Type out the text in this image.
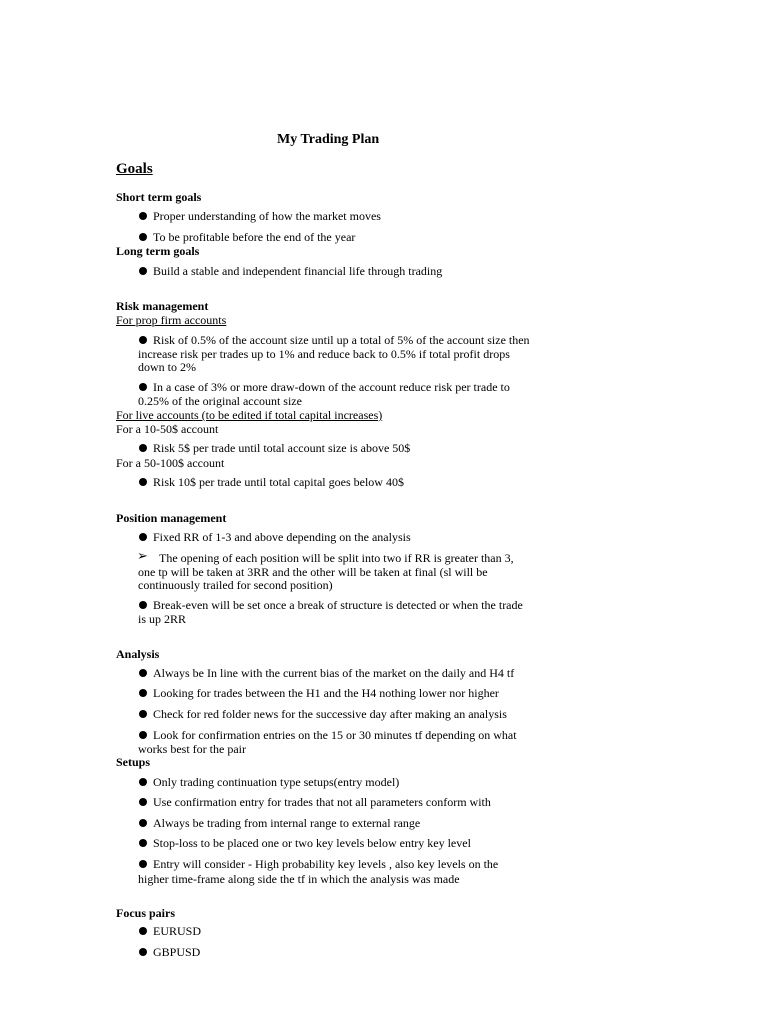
My Trading Plan
Goals
Short term goals
Proper understanding of how the market moves
To be profitable before the end of the year
Long term goals
Build a stable and independent financial life through trading
Risk management
For prop firm accounts
Risk of 0.5% of the account size until up a total of 5% of the account size then
increase risk per trades up to 1% and reduce back to 0.5% if total profit drops
down to 2%
In a case of 3% or more draw-down of the account reduce risk per trade to
0.25% of the original account size
For live accounts (to be edited if total capital increases)
For a 10-50$ account
Risk 5$ per trade until total account size is above 50$
For a 50-100$ account
Risk 10$ per trade until total capital goes below 40$
Position management
Fixed RR of 1-3 and above depending on the analysis
➢ The opening of each position will be split into two if RR is greater than 3,
one tp will be taken at 3RR and the other will be taken at final (sl will be
continuously trailed for second position)
Break-even will be set once a break of structure is detected or when the trade
is up 2RR
Analysis
Always be In line with the current bias of the market on the daily and H4 tf
Looking for trades between the H1 and the H4 nothing lower nor higher
Check for red folder news for the successive day after making an analysis
Look for confirmation entries on the 15 or 30 minutes tf depending on what
works best for the pair
Setups
Only trading continuation type setups(entry model)
Use confirmation entry for trades that not all parameters conform with
Always be trading from internal range to external range
Stop-loss to be placed one or two key levels below entry key level
Entry will consider - High probability key levels , also key levels on the
higher time-frame along side the tf in which the analysis was made
Focus pairs
EURUSD
GBPUSD
